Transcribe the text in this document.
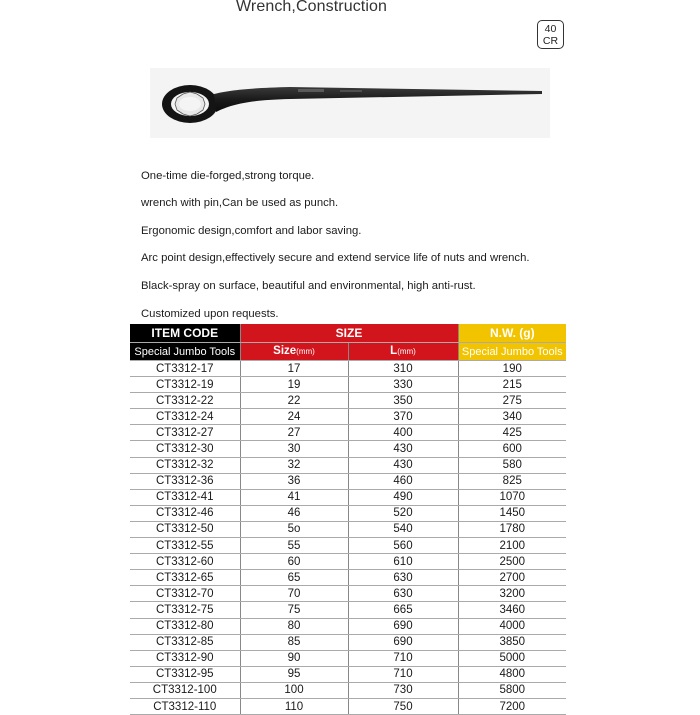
Wrench,Construction
40
CR
One-time die-forged,strong torque.
wrench with pin,Can be used as punch.
Ergonomic design,comfort and labor saving.
Arc point design,effectively secure and extend service life of nuts and wrench.
Black-spray on surface, beautiful and environmental, high anti-rust.
Customized upon requests.
ITEM CODE	SIZE		N.W. (g)
Special Jumbo Tools	Size(mm)	L(mm)	Special Jumbo Tools
CT3312-17	17	310	190
CT3312-19	19	330	215
CT3312-22	22	350	275
CT3312-24	24	370	340
CT3312-27	27	400	425
CT3312-30	30	430	600
CT3312-32	32	430	580
CT3312-36	36	460	825
CT3312-41	41	490	1070
CT3312-46	46	520	1450
CT3312-50	5o	540	1780
CT3312-55	55	560	2100
CT3312-60	60	610	2500
CT3312-65	65	630	2700
CT3312-70	70	630	3200
CT3312-75	75	665	3460
CT3312-80	80	690	4000
CT3312-85	85	690	3850
CT3312-90	90	710	5000
CT3312-95	95	710	4800
CT3312-100	100	730	5800
CT3312-110	110	750	7200
